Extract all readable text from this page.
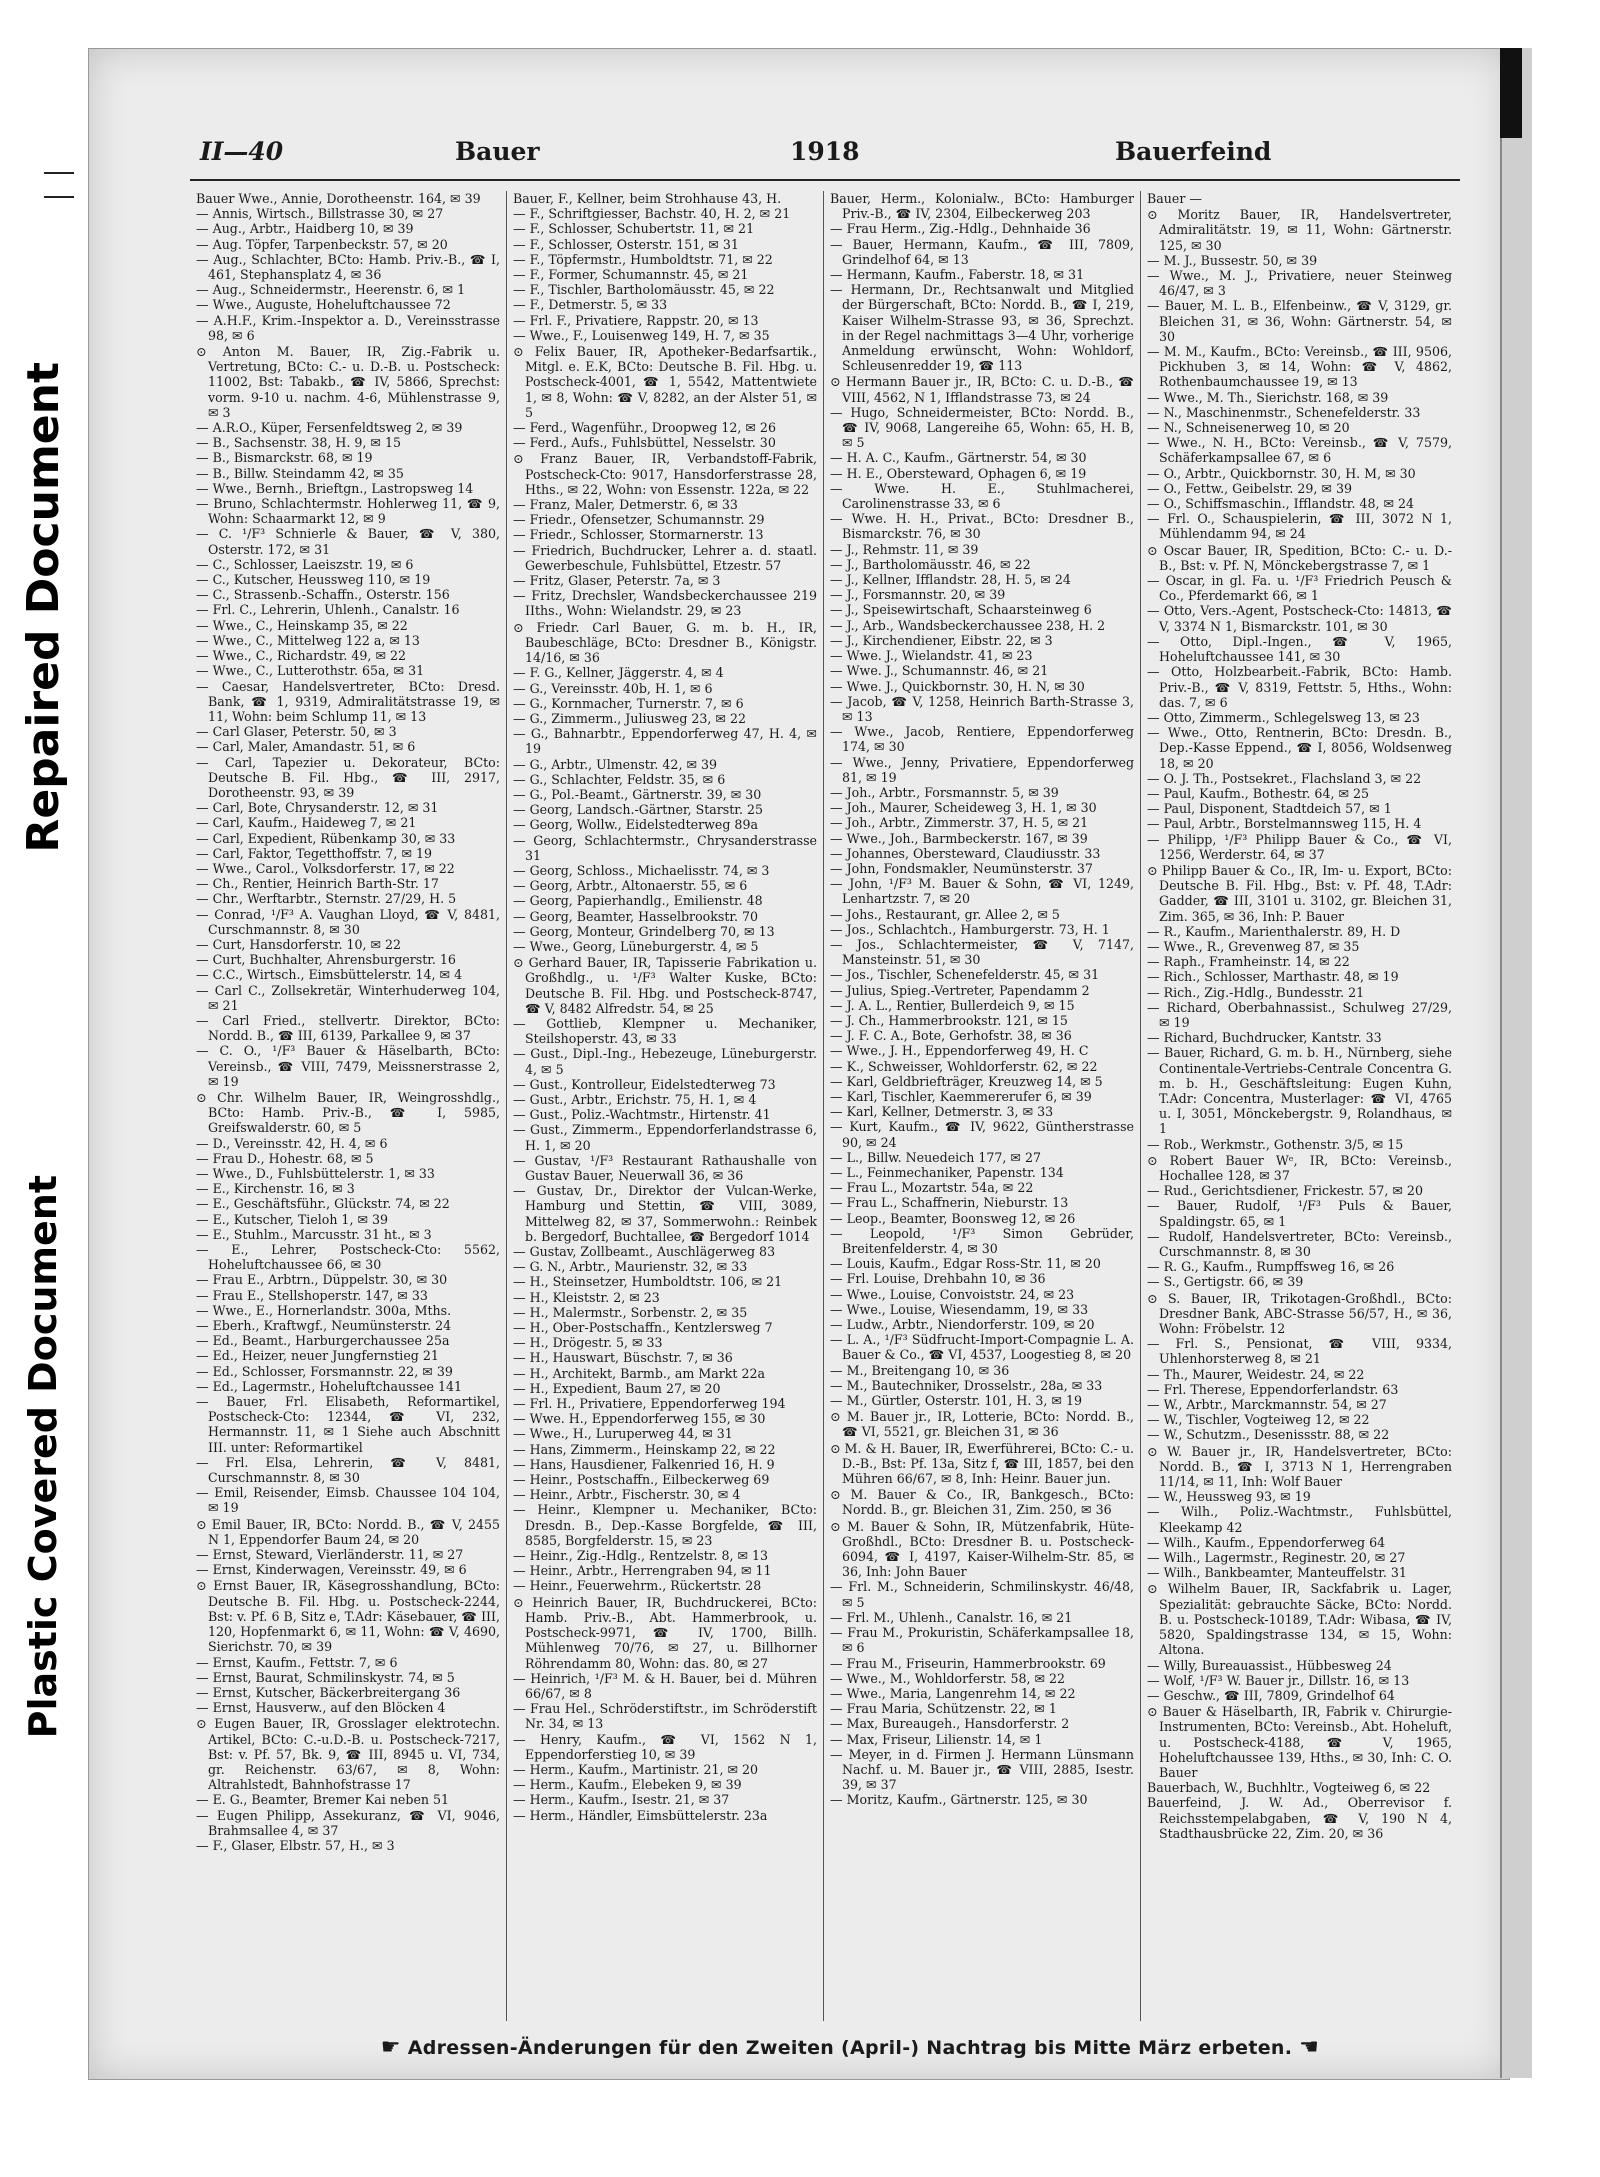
Repaired Document
Plastic Covered Document
II—40	Bauer	1918	Bauerfeind

Bauer Wwe., Annie, Dorotheenstr. 164, ✉ 39

— Annis, Wirtsch., Billstrasse 30, ✉ 27

— Aug., Arbtr., Haidberg 10, ✉ 39

— Aug. Töpfer, Tarpenbeckstr. 57, ✉ 20

— Aug., Schlachter, BCto: Hamb. Priv.-B., ☎ I, 461, Stephansplatz 4, ✉ 36

— Aug., Schneidermstr., Heerenstr. 6, ✉ 1

— Wwe., Auguste, Hoheluftchaussee 72

— A.H.F., Krim.-Inspektor a. D., Vereinsstrasse 98, ✉ 6

⊙ Anton M. Bauer, IR, Zig.-Fabrik u. Vertretung, BCto: C.- u. D.-B. u. Postscheck: 11002, Bst: Tabakb., ☎ IV, 5866, Sprechst: vorm. 9-10 u. nachm. 4-6, Mühlenstrasse 9, ✉ 3

— A.R.O., Küper, Fersenfeldtsweg 2, ✉ 39

— B., Sachsenstr. 38, H. 9, ✉ 15

— B., Bismarckstr. 68, ✉ 19

— B., Billw. Steindamm 42, ✉ 35

— Wwe., Bernh., Brieftgn., Lastropsweg 14

— Bruno, Schlachtermstr. Hohlerweg 11, ☎ 9, Wohn: Schaarmarkt 12, ✉ 9

— C. ¹/F³ Schnierle & Bauer, ☎ V, 380, Osterstr. 172, ✉ 31

— C., Schlosser, Laeiszstr. 19, ✉ 6

— C., Kutscher, Heussweg 110, ✉ 19

— C., Strassenb.-Schaffn., Osterstr. 156

— Frl. C., Lehrerin, Uhlenh., Canalstr. 16

— Wwe., C., Heinskamp 35, ✉ 22

— Wwe., C., Mittelweg 122 a, ✉ 13

— Wwe., C., Richardstr. 49, ✉ 22

— Wwe., C., Lutterothstr. 65a, ✉ 31

— Caesar, Handelsvertreter, BCto: Dresd. Bank, ☎ 1, 9319, Admiralitätstrasse 19, ✉ 11, Wohn: beim Schlump 11, ✉ 13

— Carl Glaser, Peterstr. 50, ✉ 3

— Carl, Maler, Amandastr. 51, ✉ 6

— Carl, Tapezier u. Dekorateur, BCto: Deutsche B. Fil. Hbg., ☎ III, 2917, Dorotheenstr. 93, ✉ 39

— Carl, Bote, Chrysanderstr. 12, ✉ 31

— Carl, Kaufm., Haideweg 7, ✉ 21

— Carl, Expedient, Rübenkamp 30, ✉ 33

— Carl, Faktor, Tegetthoffstr. 7, ✉ 19

— Wwe., Carol., Volksdorferstr. 17, ✉ 22

— Ch., Rentier, Heinrich Barth-Str. 17

— Chr., Werftarbtr., Sternstr. 27/29, H. 5

— Conrad, ¹/F³ A. Vaughan Lloyd, ☎ V, 8481, Curschmannstr. 8, ✉ 30

— Curt, Hansdorferstr. 10, ✉ 22

— Curt, Buchhalter, Ahrensburgerstr. 16

— C.C., Wirtsch., Eimsbüttelerstr. 14, ✉ 4

— Carl C., Zollsekretär, Winterhuderweg 104, ✉ 21

— Carl Fried., stellvertr. Direktor, BCto: Nordd. B., ☎ III, 6139, Parkallee 9, ✉ 37

— C. O., ¹/F³ Bauer & Häselbarth, BCto: Vereinsb., ☎ VIII, 7479, Meissnerstrasse 2, ✉ 19

⊙ Chr. Wilhelm Bauer, IR, Weingrosshdlg., BCto: Hamb. Priv.-B., ☎ I, 5985, Greifswalderstr. 60, ✉ 5

— D., Vereinsstr. 42, H. 4, ✉ 6

— Frau D., Hohestr. 68, ✉ 5

— Wwe., D., Fuhlsbüttelerstr. 1, ✉ 33

— E., Kirchenstr. 16, ✉ 3

— E., Geschäftsführ., Glückstr. 74, ✉ 22

— E., Kutscher, Tieloh 1, ✉ 39

— E., Stuhlm., Marcusstr. 31 ht., ✉ 3

— E., Lehrer, Postscheck-Cto: 5562, Hoheluftchaussee 66, ✉ 30

— Frau E., Arbtrn., Düppelstr. 30, ✉ 30

— Frau E., Stellshoperstr. 147, ✉ 33

— Wwe., E., Hornerlandstr. 300a, Mths.

— Eberh., Kraftwgf., Neumünsterstr. 24

— Ed., Beamt., Harburgerchaussee 25a

— Ed., Heizer, neuer Jungfernstieg 21

— Ed., Schlosser, Forsmannstr. 22, ✉ 39

— Ed., Lagermstr., Hoheluftchaussee 141

— Bauer, Frl. Elisabeth, Reformartikel, Postscheck-Cto: 12344, ☎ VI, 232, Hermannstr. 11, ✉ 1 Siehe auch Abschnitt III. unter: Reformartikel

— Frl. Elsa, Lehrerin, ☎ V, 8481, Curschmannstr. 8, ✉ 30

— Emil, Reisender, Eimsb. Chaussee 104 104, ✉ 19

⊙ Emil Bauer, IR, BCto: Nordd. B., ☎ V, 2455 N 1, Eppendorfer Baum 24, ✉ 20

— Ernst, Steward, Vierländerstr. 11, ✉ 27

— Ernst, Kinderwagen, Vereinsstr. 49, ✉ 6

⊙ Ernst Bauer, IR, Käsegrosshandlung, BCto: Deutsche B. Fil. Hbg. u. Postscheck-2244, Bst: v. Pf. 6 B, Sitz e, T.Adr: Käsebauer, ☎ III, 120, Hopfenmarkt 6, ✉ 11, Wohn: ☎ V, 4690, Sierichstr. 70, ✉ 39

— Ernst, Kaufm., Fettstr. 7, ✉ 6

— Ernst, Baurat, Schmilinskystr. 74, ✉ 5

— Ernst, Kutscher, Bäckerbreitergang 36

— Ernst, Hausverw., auf den Blöcken 4

⊙ Eugen Bauer, IR, Grosslager elektrotechn. Artikel, BCto: C.-u.D.-B. u. Postscheck-7217, Bst: v. Pf. 57, Bk. 9, ☎ III, 8945 u. VI, 734, gr. Reichenstr. 63/67, ✉ 8, Wohn: Altrahlstedt, Bahnhofstrasse 17

— E. G., Beamter, Bremer Kai neben 51

— Eugen Philipp, Assekuranz, ☎ VI, 9046, Brahmsallee 4, ✉ 37

— F., Glaser, Elbstr. 57, H., ✉ 3

Bauer, F., Kellner, beim Strohhause 43, H.

— F., Schriftgiesser, Bachstr. 40, H. 2, ✉ 21

— F., Schlosser, Schubertstr. 11, ✉ 21

— F., Schlosser, Osterstr. 151, ✉ 31

— F., Töpfermstr., Humboldtstr. 71, ✉ 22

— F., Former, Schumannstr. 45, ✉ 21

— F., Tischler, Bartholomäusstr. 45, ✉ 22

— F., Detmerstr. 5, ✉ 33

— Frl. F., Privatiere, Rappstr. 20, ✉ 13

— Wwe., F., Louisenweg 149, H. 7, ✉ 35

⊙ Felix Bauer, IR, Apotheker-Bedarfsartik., Mitgl. e. E.K, BCto: Deutsche B. Fil. Hbg. u. Postscheck-4001, ☎ 1, 5542, Mattentwiete 1, ✉ 8, Wohn: ☎ V, 8282, an der Alster 51, ✉ 5

— Ferd., Wagenführ., Droopweg 12, ✉ 26

— Ferd., Aufs., Fuhlsbüttel, Nesselstr. 30

⊙ Franz Bauer, IR, Verbandstoff-Fabrik, Postscheck-Cto: 9017, Hansdorferstrasse 28, Hths., ✉ 22, Wohn: von Essenstr. 122a, ✉ 22

— Franz, Maler, Detmerstr. 6, ✉ 33

— Friedr., Ofensetzer, Schumannstr. 29

— Friedr., Schlosser, Stormarnerstr. 13

— Friedrich, Buchdrucker, Lehrer a. d. staatl. Gewerbeschule, Fuhlsbüttel, Etzestr. 57

— Fritz, Glaser, Peterstr. 7a, ✉ 3

— Fritz, Drechsler, Wandsbeckerchaussee 219 IIths., Wohn: Wielandstr. 29, ✉ 23

⊙ Friedr. Carl Bauer, G. m. b. H., IR, Baubeschläge, BCto: Dresdner B., Königstr. 14/16, ✉ 36

— F. G., Kellner, Jäggerstr. 4, ✉ 4

— G., Vereinsstr. 40b, H. 1, ✉ 6

— G., Kornmacher, Turnerstr. 7, ✉ 6

— G., Zimmerm., Juliusweg 23, ✉ 22

— G., Bahnarbtr., Eppendorferweg 47, H. 4, ✉ 19

— G., Arbtr., Ulmenstr. 42, ✉ 39

— G., Schlachter, Feldstr. 35, ✉ 6

— G., Pol.-Beamt., Gärtnerstr. 39, ✉ 30

— Georg, Landsch.-Gärtner, Starstr. 25

— Georg, Wollw., Eidelstedterweg 89a

— Georg, Schlachtermstr., Chrysanderstrasse 31

— Georg, Schloss., Michaelisstr. 74, ✉ 3

— Georg, Arbtr., Altonaerstr. 55, ✉ 6

— Georg, Papierhandlg., Emilienstr. 48

— Georg, Beamter, Hasselbrookstr. 70

— Georg, Monteur, Grindelberg 70, ✉ 13

— Wwe., Georg, Lüneburgerstr. 4, ✉ 5

⊙ Gerhard Bauer, IR, Tapisserie Fabrikation u. Großhdlg., u. ¹/F³ Walter Kuske, BCto: Deutsche B. Fil. Hbg. und Postscheck-8747, ☎ V, 8482 Alfredstr. 54, ✉ 25

— Gottlieb, Klempner u. Mechaniker, Steilshoperstr. 43, ✉ 33

— Gust., Dipl.-Ing., Hebezeuge, Lüneburgerstr. 4, ✉ 5

— Gust., Kontrolleur, Eidelstedterweg 73

— Gust., Arbtr., Erichstr. 75, H. 1, ✉ 4

— Gust., Poliz.-Wachtmstr., Hirtenstr. 41

— Gust., Zimmerm., Eppendorferlandstrasse 6, H. 1, ✉ 20

— Gustav, ¹/F³ Restaurant Rathaushalle von Gustav Bauer, Neuerwall 36, ✉ 36

— Gustav, Dr., Direktor der Vulcan-Werke, Hamburg und Stettin, ☎ VIII, 3089, Mittelweg 82, ✉ 37, Sommerwohn.: Reinbek b. Bergedorf, Buchtallee, ☎ Bergedorf 1014

— Gustav, Zollbeamt., Auschlägerweg 83

— G. N., Arbtr., Maurienstr. 32, ✉ 33

— H., Steinsetzer, Humboldtstr. 106, ✉ 21

— H., Kleiststr. 2, ✉ 23

— H., Malermstr., Sorbenstr. 2, ✉ 35

— H., Ober-Postschaffn., Kentzlersweg 7

— H., Drögestr. 5, ✉ 33

— H., Hauswart, Büschstr. 7, ✉ 36

— H., Architekt, Barmb., am Markt 22a

— H., Expedient, Baum 27, ✉ 20

— Frl. H., Privatiere, Eppendorferweg 194

— Wwe. H., Eppendorferweg 155, ✉ 30

— Wwe., H., Luruperweg 44, ✉ 31

— Hans, Zimmerm., Heinskamp 22, ✉ 22

— Hans, Hausdiener, Falkenried 16, H. 9

— Heinr., Postschaffn., Eilbeckerweg 69

— Heinr., Arbtr., Fischerstr. 30, ✉ 4

— Heinr., Klempner u. Mechaniker, BCto: Dresdn. B., Dep.-Kasse Borgfelde, ☎ III, 8585, Borgfelderstr. 15, ✉ 23

— Heinr., Zig.-Hdlg., Rentzelstr. 8, ✉ 13

— Heinr., Arbtr., Herrengraben 94, ✉ 11

— Heinr., Feuerwehrm., Rückertstr. 28

⊙ Heinrich Bauer, IR, Buchdruckerei, BCto: Hamb. Priv.-B., Abt. Hammerbrook, u. Postscheck-9971, ☎ IV, 1700, Billh. Mühlenweg 70/76, ✉ 27, u. Billhorner Röhrendamm 80, Wohn: das. 80, ✉ 27

— Heinrich, ¹/F³ M. & H. Bauer, bei d. Mühren 66/67, ✉ 8

— Frau Hel., Schröderstiftstr., im Schröderstift Nr. 34, ✉ 13

— Henry, Kaufm., ☎ VI, 1562 N 1, Eppendorferstieg 10, ✉ 39

— Herm., Kaufm., Martinistr. 21, ✉ 20

— Herm., Kaufm., Elebeken 9, ✉ 39

— Herm., Kaufm., Isestr. 21, ✉ 37

— Herm., Händler, Eimsbüttelerstr. 23a

Bauer, Herm., Kolonialw., BCto: Hamburger Priv.-B., ☎ IV, 2304, Eilbeckerweg 203

— Frau Herm., Zig.-Hdlg., Dehnhaide 36

— Bauer, Hermann, Kaufm., ☎ III, 7809, Grindelhof 64, ✉ 13

— Hermann, Kaufm., Faberstr. 18, ✉ 31

— Hermann, Dr., Rechtsanwalt und Mitglied der Bürgerschaft, BCto: Nordd. B., ☎ I, 219, Kaiser Wilhelm-Strasse 93, ✉ 36, Sprechzt. in der Regel nachmittags 3—4 Uhr, vorherige Anmeldung erwünscht, Wohn: Wohldorf, Schleusenredder 19, ☎ 113

⊙ Hermann Bauer jr., IR, BCto: C. u. D.-B., ☎ VIII, 4562, N 1, Ifflandstrasse 73, ✉ 24

— Hugo, Schneidermeister, BCto: Nordd. B., ☎ IV, 9068, Langereihe 65, Wohn: 65, H. B, ✉ 5

— H. A. C., Kaufm., Gärtnerstr. 54, ✉ 30

— H. E., Obersteward, Ophagen 6, ✉ 19

— Wwe. H. E., Stuhlmacherei, Carolinenstrasse 33, ✉ 6

— Wwe. H. H., Privat., BCto: Dresdner B., Bismarckstr. 76, ✉ 30

— J., Rehmstr. 11, ✉ 39

— J., Bartholomäusstr. 46, ✉ 22

— J., Kellner, Ifflandstr. 28, H. 5, ✉ 24

— J., Forsmannstr. 20, ✉ 39

— J., Speisewirtschaft, Schaarsteinweg 6

— J., Arb., Wandsbeckerchaussee 238, H. 2

— J., Kirchendiener, Eibstr. 22, ✉ 3

— Wwe. J., Wielandstr. 41, ✉ 23

— Wwe. J., Schumannstr. 46, ✉ 21

— Wwe. J., Quickbornstr. 30, H. N, ✉ 30

— Jacob, ☎ V, 1258, Heinrich Barth-Strasse 3, ✉ 13

— Wwe., Jacob, Rentiere, Eppendorferweg 174, ✉ 30

— Wwe., Jenny, Privatiere, Eppendorferweg 81, ✉ 19

— Joh., Arbtr., Forsmannstr. 5, ✉ 39

— Joh., Maurer, Scheideweg 3, H. 1, ✉ 30

— Joh., Arbtr., Zimmerstr. 37, H. 5, ✉ 21

— Wwe., Joh., Barmbeckerstr. 167, ✉ 39

— Johannes, Obersteward, Claudiusstr. 33

— John, Fondsmakler, Neumünsterstr. 37

— John, ¹/F³ M. Bauer & Sohn, ☎ VI, 1249, Lenhartzstr. 7, ✉ 20

— Johs., Restaurant, gr. Allee 2, ✉ 5

— Jos., Schlachtch., Hamburgerstr. 73, H. 1

— Jos., Schlachtermeister, ☎ V, 7147, Mansteinstr. 51, ✉ 30

— Jos., Tischler, Schenefelderstr. 45, ✉ 31

— Julius, Spieg.-Vertreter, Papendamm 2

— J. A. L., Rentier, Bullerdeich 9, ✉ 15

— J. Ch., Hammerbrookstr. 121, ✉ 15

— J. F. C. A., Bote, Gerhofstr. 38, ✉ 36

— Wwe., J. H., Eppendorferweg 49, H. C

— K., Schweisser, Wohldorferstr. 62, ✉ 22

— Karl, Geldbriefträger, Kreuzweg 14, ✉ 5

— Karl, Tischler, Kaemmererufer 6, ✉ 39

— Karl, Kellner, Detmerstr. 3, ✉ 33

— Kurt, Kaufm., ☎ IV, 9622, Güntherstrasse 90, ✉ 24

— L., Billw. Neuedeich 177, ✉ 27

— L., Feinmechaniker, Papenstr. 134

— Frau L., Mozartstr. 54a, ✉ 22

— Frau L., Schaffnerin, Nieburstr. 13

— Leop., Beamter, Boonsweg 12, ✉ 26

— Leopold, ¹/F³ Simon Gebrüder, Breitenfelderstr. 4, ✉ 30

— Louis, Kaufm., Edgar Ross-Str. 11, ✉ 20

— Frl. Louise, Drehbahn 10, ✉ 36

— Wwe., Louise, Convoiststr. 24, ✉ 23

— Wwe., Louise, Wiesendamm, 19, ✉ 33

— Ludw., Arbtr., Niendorferstr. 109, ✉ 20

— L. A., ¹/F³ Südfrucht-Import-Compagnie L. A. Bauer & Co., ☎ VI, 4537, Loogestieg 8, ✉ 20

— M., Breitengang 10, ✉ 36

— M., Bautechniker, Drosselstr., 28a, ✉ 33

— M., Gürtler, Osterstr. 101, H. 3, ✉ 19

⊙ M. Bauer jr., IR, Lotterie, BCto: Nordd. B., ☎ VI, 5521, gr. Bleichen 31, ✉ 36

⊙ M. & H. Bauer, IR, Ewerführerei, BCto: C.- u. D.-B., Bst: Pf. 13a, Sitz f, ☎ III, 1857, bei den Mühren 66/67, ✉ 8, Inh: Heinr. Bauer jun.

⊙ M. Bauer & Co., IR, Bankgesch., BCto: Nordd. B., gr. Bleichen 31, Zim. 250, ✉ 36

⊙ M. Bauer & Sohn, IR, Mützenfabrik, Hüte-Großhdl., BCto: Dresdner B. u. Postscheck-6094, ☎ I, 4197, Kaiser-Wilhelm-Str. 85, ✉ 36, Inh: John Bauer

— Frl. M., Schneiderin, Schmilinskystr. 46/48, ✉ 5

— Frl. M., Uhlenh., Canalstr. 16, ✉ 21

— Frau M., Prokuristin, Schäferkampsallee 18, ✉ 6

— Frau M., Friseurin, Hammerbrookstr. 69

— Wwe., M., Wohldorferstr. 58, ✉ 22

— Wwe., Maria, Langenrehm 14, ✉ 22

— Frau Maria, Schützenstr. 22, ✉ 1

— Max, Bureaugeh., Hansdorferstr. 2

— Max, Friseur, Lilienstr. 14, ✉ 1

— Meyer, in d. Firmen J. Hermann Lünsmann Nachf. u. M. Bauer jr., ☎ VIII, 2885, Isestr. 39, ✉ 37

— Moritz, Kaufm., Gärtnerstr. 125, ✉ 30

Bauer —

⊙ Moritz Bauer, IR, Handelsvertreter, Admiralitätstr. 19, ✉ 11, Wohn: Gärtnerstr. 125, ✉ 30

— M. J., Bussestr. 50, ✉ 39

— Wwe., M. J., Privatiere, neuer Steinweg 46/47, ✉ 3

— Bauer, M. L. B., Elfenbeinw., ☎ V, 3129, gr. Bleichen 31, ✉ 36, Wohn: Gärtnerstr. 54, ✉ 30

— M. M., Kaufm., BCto: Vereinsb., ☎ III, 9506, Pickhuben 3, ✉ 14, Wohn: ☎ V, 4862, Rothenbaumchaussee 19, ✉ 13

— Wwe., M. Th., Sierichstr. 168, ✉ 39

— N., Maschinenmstr., Schenefelderstr. 33

— N., Schneisenerweg 10, ✉ 20

— Wwe., N. H., BCto: Vereinsb., ☎ V, 7579, Schäferkampsallee 67, ✉ 6

— O., Arbtr., Quickbornstr. 30, H. M, ✉ 30

— O., Fettw., Geibelstr. 29, ✉ 39

— O., Schiffsmaschin., Ifflandstr. 48, ✉ 24

— Frl. O., Schauspielerin, ☎ III, 3072 N 1, Mühlendamm 94, ✉ 24

⊙ Oscar Bauer, IR, Spedition, BCto: C.- u. D.-B., Bst: v. Pf. N, Mönckebergstrasse 7, ✉ 1

— Oscar, in gl. Fa. u. ¹/F³ Friedrich Peusch & Co., Pferdemarkt 66, ✉ 1

— Otto, Vers.-Agent, Postscheck-Cto: 14813, ☎ V, 3374 N 1, Bismarckstr. 101, ✉ 30

— Otto, Dipl.-Ingen., ☎ V, 1965, Hoheluftchaussee 141, ✉ 30

— Otto, Holzbearbeit.-Fabrik, BCto: Hamb. Priv.-B., ☎ V, 8319, Fettstr. 5, Hths., Wohn: das. 7, ✉ 6

— Otto, Zimmerm., Schlegelsweg 13, ✉ 23

— Wwe., Otto, Rentnerin, BCto: Dresdn. B., Dep.-Kasse Eppend., ☎ I, 8056, Woldsenweg 18, ✉ 20

— O. J. Th., Postsekret., Flachsland 3, ✉ 22

— Paul, Kaufm., Bothestr. 64, ✉ 25

— Paul, Disponent, Stadtdeich 57, ✉ 1

— Paul, Arbtr., Borstelmannsweg 115, H. 4

— Philipp, ¹/F³ Philipp Bauer & Co., ☎ VI, 1256, Werderstr. 64, ✉ 37

⊙ Philipp Bauer & Co., IR, Im- u. Export, BCto: Deutsche B. Fil. Hbg., Bst: v. Pf. 48, T.Adr: Gadder, ☎ III, 3101 u. 3102, gr. Bleichen 31, Zim. 365, ✉ 36, Inh: P. Bauer

— R., Kaufm., Marienthalerstr. 89, H. D

— Wwe., R., Grevenweg 87, ✉ 35

— Raph., Framheinstr. 14, ✉ 22

— Rich., Schlosser, Marthastr. 48, ✉ 19

— Rich., Zig.-Hdlg., Bundesstr. 21

— Richard, Oberbahnassist., Schulweg 27/29, ✉ 19

— Richard, Buchdrucker, Kantstr. 33

— Bauer, Richard, G. m. b. H., Nürnberg, siehe Continentale-Vertriebs-Centrale Concentra G. m. b. H., Geschäftsleitung: Eugen Kuhn, T.Adr: Concentra, Musterlager: ☎ VI, 4765 u. I, 3051, Mönckebergstr. 9, Rolandhaus, ✉ 1

— Rob., Werkmstr., Gothenstr. 3/5, ✉ 15

⊙ Robert Bauer Wᵉ, IR, BCto: Vereinsb., Hochallee 128, ✉ 37

— Rud., Gerichtsdiener, Frickestr. 57, ✉ 20

— Bauer, Rudolf, ¹/F³ Puls & Bauer, Spaldingstr. 65, ✉ 1

— Rudolf, Handelsvertreter, BCto: Vereinsb., Curschmannstr. 8, ✉ 30

— R. G., Kaufm., Rumpffsweg 16, ✉ 26

— S., Gertigstr. 66, ✉ 39

⊙ S. Bauer, IR, Trikotagen-Großhdl., BCto: Dresdner Bank, ABC-Strasse 56/57, H., ✉ 36, Wohn: Fröbelstr. 12

— Frl. S., Pensionat, ☎ VIII, 9334, Uhlenhorsterweg 8, ✉ 21

— Th., Maurer, Weidestr. 24, ✉ 22

— Frl. Therese, Eppendorferlandstr. 63

— W., Arbtr., Marckmannstr. 54, ✉ 27

— W., Tischler, Vogteiweg 12, ✉ 22

— W., Schutzm., Desenissstr. 88, ✉ 22

⊙ W. Bauer jr., IR, Handelsvertreter, BCto: Nordd. B., ☎ I, 3713 N 1, Herrengraben 11/14, ✉ 11, Inh: Wolf Bauer

— W., Heussweg 93, ✉ 19

— Wilh., Poliz.-Wachtmstr., Fuhlsbüttel, Kleekamp 42

— Wilh., Kaufm., Eppendorferweg 64

— Wilh., Lagermstr., Reginestr. 20, ✉ 27

— Wilh., Bankbeamter, Manteuffelstr. 31

⊙ Wilhelm Bauer, IR, Sackfabrik u. Lager, Spezialität: gebrauchte Säcke, BCto: Nordd. B. u. Postscheck-10189, T.Adr: Wibasa, ☎ IV, 5820, Spaldingstrasse 134, ✉ 15, Wohn: Altona.

— Willy, Bureauassist., Hübbesweg 24

— Wolf, ¹/F³ W. Bauer jr., Dillstr. 16, ✉ 13

— Geschw., ☎ III, 7809, Grindelhof 64

⊙ Bauer & Häselbarth, IR, Fabrik v. Chirurgie-Instrumenten, BCto: Vereinsb., Abt. Hoheluft, u. Postscheck-4188, ☎ V, 1965, Hoheluftchaussee 139, Hths., ✉ 30, Inh: C. O. Bauer

Bauerbach, W., Buchhltr., Vogteiweg 6, ✉ 22

Bauerfeind, J. W. Ad., Oberrevisor f. Reichsstempelabgaben, ☎ V, 190 N 4, Stadthausbrücke 22, Zim. 20, ✉ 36

☛ Adressen-Änderungen für den Zweiten (April-) Nachtrag bis Mitte März erbeten. ☚
